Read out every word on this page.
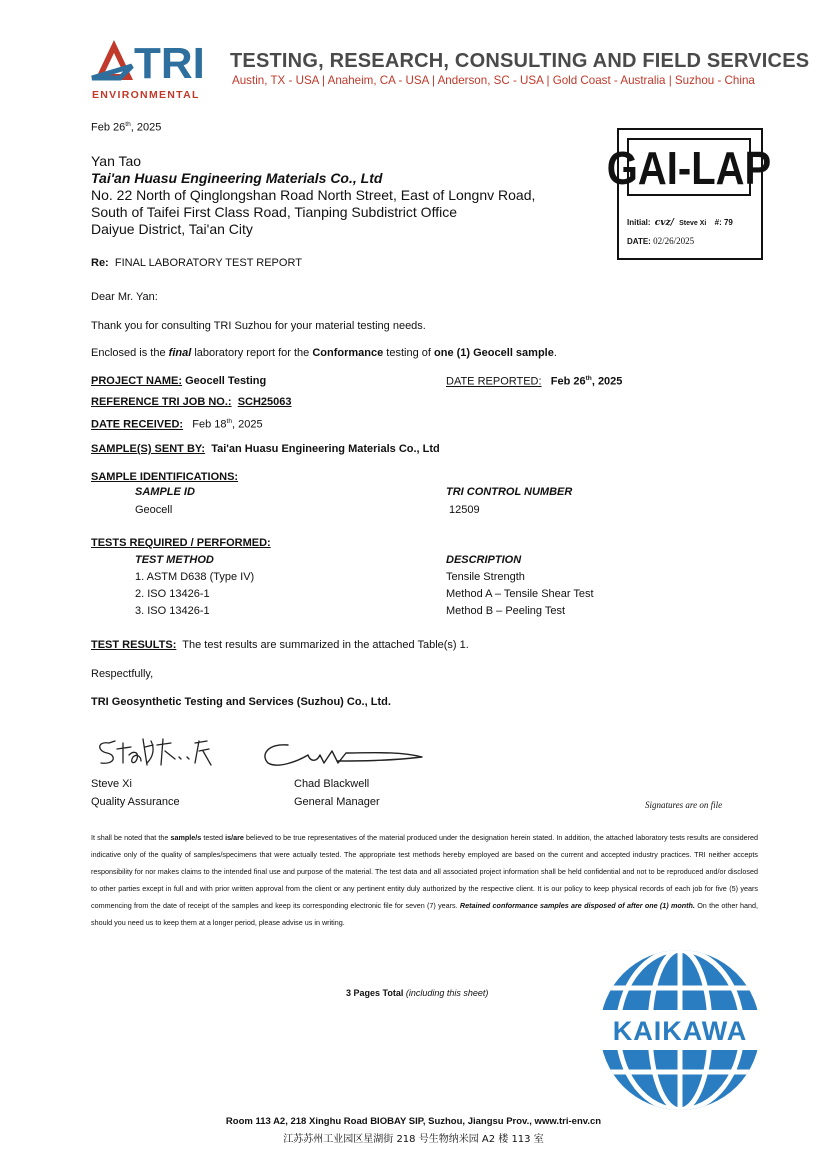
TRI
ENVIRONMENTAL
TESTING, RESEARCH, CONSULTING AND FIELD SERVICES
Austin, TX - USA | Anaheim, CA - USA | Anderson, SC - USA | Gold Coast - Australia | Suzhou - China
Feb 26th, 2025
Yan Tao
Tai'an Huasu Engineering Materials Co., Ltd
No. 22 North of Qinglongshan Road North Street, East of Longnv Road,
South of Taifei First Class Road, Tianping Subdistrict Office
Daiyue District, Tai'an City
GAI-LAP
Initial: cvz/ Steve Xi #: 79
DATE: 02/26/2025
Re: FINAL LABORATORY TEST REPORT
Dear Mr. Yan:
Thank you for consulting TRI Suzhou for your material testing needs.
Enclosed is the final laboratory report for the Conformance testing of one (1) Geocell sample.
PROJECT NAME: Geocell Testing	DATE REPORTED: Feb 26th, 2025
REFERENCE TRI JOB NO.: SCH25063
DATE RECEIVED: Feb 18th, 2025
SAMPLE(S) SENT BY: Tai'an Huasu Engineering Materials Co., Ltd
SAMPLE IDENTIFICATIONS:
SAMPLE ID	TRI CONTROL NUMBER
Geocell	12509
TESTS REQUIRED / PERFORMED:
TEST METHOD	DESCRIPTION
1. ASTM D638 (Type IV)	Tensile Strength
2. ISO 13426-1	Method A – Tensile Shear Test
3. ISO 13426-1	Method B – Peeling Test
TEST RESULTS: The test results are summarized in the attached Table(s) 1.
Respectfully,
TRI Geosynthetic Testing and Services (Suzhou) Co., Ltd.
Steve Xi
Quality Assurance
Chad Blackwell
General Manager	Signatures are on file
It shall be noted that the sample/s tested is/are believed to be true representatives of the material produced under the designation herein stated. In addition, the attached laboratory tests results are considered indicative only of the quality of samples/specimens that were actually tested. The appropriate test methods hereby employed are based on the current and accepted industry practices. TRI neither accepts responsibility for nor makes claims to the intended final use and purpose of the material. The test data and all associated project information shall be held confidential and not to be reproduced and/or disclosed to other parties except in full and with prior written approval from the client or any pertinent entity duly authorized by the respective client. It is our policy to keep physical records of each job for five (5) years commencing from the date of receipt of the samples and keep its corresponding electronic file for seven (7) years. Retained conformance samples are disposed of after one (1) month. On the other hand, should you need us to keep them at a longer period, please advise us in writing.
3 Pages Total (including this sheet)
KAIKAWA
Room 113 A2, 218 Xinghu Road BIOBAY SIP, Suzhou, Jiangsu Prov., www.tri-env.cn
江苏苏州工业园区星湖街 218 号生物纳米园 A2 楼 113 室
